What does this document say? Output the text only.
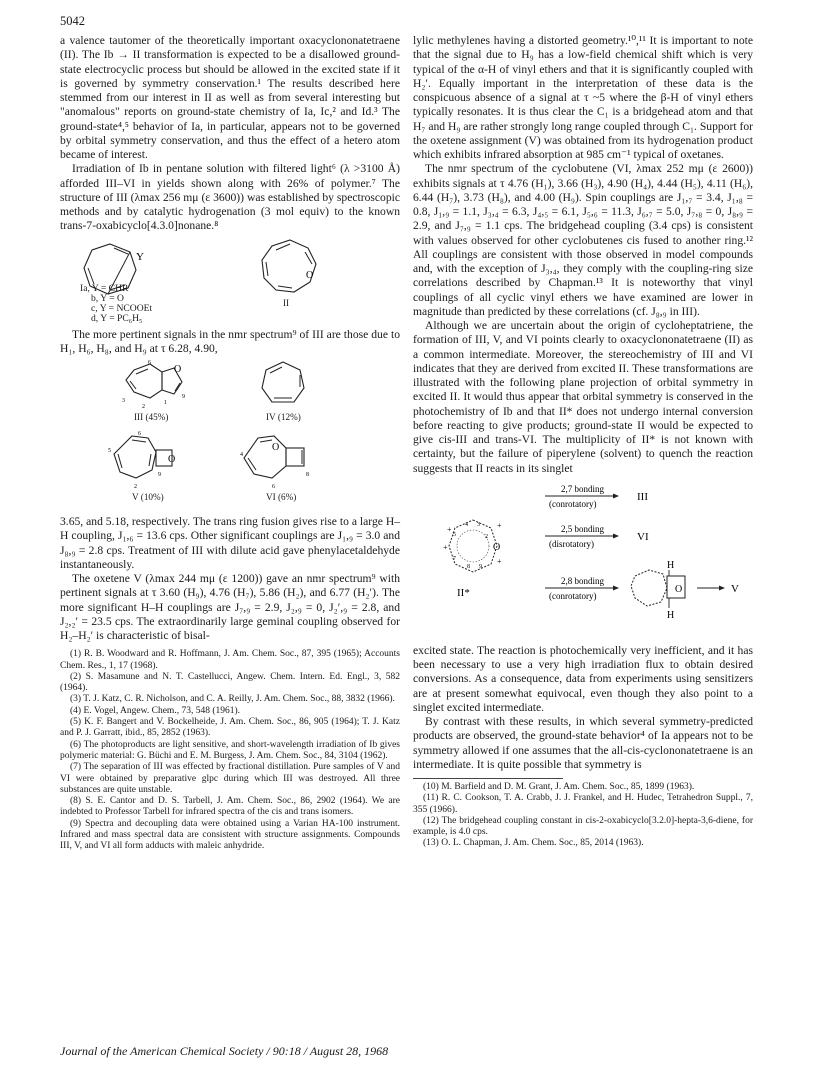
5042

a valence tautomer of the theoretically important oxacyclononatetraene (II). The Ib → II transformation is expected to be a disallowed ground-state electrocyclic process but should be allowed in the excited state if it is governed by symmetry conservation.¹ The results described here stemmed from our interest in II as well as from several interesting but "anomalous" reports on ground-state chemistry of Ia, Ic,² and Id.³ The ground-state⁴,⁵ behavior of Ia, in particular, appears not to be governed by orbital symmetry conservation, and thus the effect of a hetero atom became of interest.

Irradiation of Ib in pentane solution with filtered light⁶ (λ >3100 Å) afforded III–VI in yields shown along with 26% of polymer.⁷ The structure of III (λmax 256 mμ (ε 3600)) was established by spectroscopic methods and by catalytic hydrogenation (3 mol equiv) to the known trans-7-oxabicyclo[4.3.0]nonane.⁸

Y
Ia, Y = CHR
b, Y = O
c, Y = NCOOEt
d, Y = PC₆H₅
O
II

The more pertinent signals in the nmr spectrum⁹ of III are those due to H₁, H₆, H₈, and H₉ at τ 6.28, 4.90,

O
6
1
9
3
2
III (45%)	IV (12%)
O
6
9
2
5
V (10%)
O
4
8
6
VI (6%)

3.65, and 5.18, respectively. The trans ring fusion gives rise to a large H–H coupling, J₁,₆ = 13.6 cps. Other significant couplings are J₁,₉ = 3.0 and J₈,₉ = 2.8 cps. Treatment of III with dilute acid gave phenylacetaldehyde instantaneously.

The oxetene V (λmax 244 mμ (ε 1200)) gave an nmr spectrum⁹ with pertinent signals at τ 3.60 (H₉), 4.76 (H₇), 5.86 (H₂), and 6.77 (H₂′). The more significant H–H couplings are J₇,₉ = 2.9, J₂,₉ = 0, J₂′,₉ = 2.8, and J₂,₂′ = 23.5 cps. The extraordinarily large geminal coupling observed for H₂–H₂′ is characteristic of bisal-

(1) R. B. Woodward and R. Hoffmann, J. Am. Chem. Soc., 87, 395 (1965); Accounts Chem. Res., 1, 17 (1968).

(2) S. Masamune and N. T. Castellucci, Angew. Chem. Intern. Ed. Engl., 3, 582 (1964).

(3) T. J. Katz, C. R. Nicholson, and C. A. Reilly, J. Am. Chem. Soc., 88, 3832 (1966).

(4) E. Vogel, Angew. Chem., 73, 548 (1961).

(5) K. F. Bangert and V. Bockelheide, J. Am. Chem. Soc., 86, 905 (1964); T. J. Katz and P. J. Garratt, ibid., 85, 2852 (1963).

(6) The photoproducts are light sensitive, and short-wavelength irradiation of Ib gives polymeric material: G. Büchi and E. M. Burgess, J. Am. Chem. Soc., 84, 3104 (1962).

(7) The separation of III was effected by fractional distillation. Pure samples of V and VI were obtained by preparative glpc during which III was destroyed. All three substances are quite unstable.

(8) S. E. Cantor and D. S. Tarbell, J. Am. Chem. Soc., 86, 2902 (1964). We are indebted to Professor Tarbell for infrared spectra of the cis and trans isomers.

(9) Spectra and decoupling data were obtained using a Varian HA-100 instrument. Infrared and mass spectral data are consistent with structure assignments. Compounds III, V, and VI all form adducts with maleic anhydride.

lylic methylenes having a distorted geometry.¹⁰,¹¹ It is important to note that the signal due to H₉ has a low-field chemical shift which is very typical of the α-H of vinyl ethers and that it is significantly coupled with H₂′. Equally important in the interpretation of these data is the conspicuous absence of a signal at τ ~5 where the β-H of vinyl ethers typically resonates. It is thus clear the C₁ is a bridgehead atom and that H₇ and H₉ are rather strongly long range coupled through C₁. Support for the oxetene assignment (V) was obtained from its hydrogenation product which exhibits infrared absorption at 985 cm⁻¹ typical of oxetanes.

The nmr spectrum of the cyclobutene (VI, λmax 252 mμ (ε 2600)) exhibits signals at τ 4.76 (H₁), 3.66 (H₃), 4.90 (H₄), 4.44 (H₅), 4.11 (H₆), 6.44 (H₇), 3.73 (H₈), and 4.00 (H₉). Spin couplings are J₁,₇ = 3.4, J₁,₈ = 0.8, J₁,₉ = 1.1, J₃,₄ = 6.3, J₄,₅ = 6.1, J₅,₆ = 11.3, J₆,₇ = 5.0, J₇,₈ = 0, J₈,₉ = 2.9, and J₇,₉ = 1.1 cps. The bridgehead coupling (3.4 cps) is consistent with values observed for other cyclobutenes cis fused to another ring.¹² All couplings are consistent with those observed in model compounds and, with the exception of J₃,₄, they comply with the coupling-ring size correlations described by Chapman.¹³ It is noteworthy that vinyl couplings of all cyclic vinyl ethers we have examined are lower in magnitude than predicted by these correlations (cf. J₈,₉ in III).

Although we are uncertain about the origin of cycloheptatriene, the formation of III, V, and VI points clearly to oxacyclononatetraene (II) as a common intermediate. Moreover, the stereochemistry of III and VI indicates that they are derived from excited II. These transformations are illustrated with the following plane projection of orbital symmetry in excited II. It would thus appear that orbital symmetry is conserved in the photochemistry of Ib and that II* does not undergo internal conversion before reacting to give products; ground-state II would be expected to give cis-III and trans-VI. The multiplicity of II* is not known with certainty, but the failure of piperylene (solvent) to quench the reaction suggests that II reacts in its singlet

O
4 3
5	2
7
8 9
+
+
+
+
II*
2,7 bonding
(conrotatory)
III
2,5 bonding
(disrotatory)
VI
2,8 bonding
(conrotatory)
O
H
H
V

excited state. The reaction is photochemically very inefficient, and it has been necessary to use a very high irradiation flux to obtain desired conversions. As a consequence, data from experiments using sensitizers are at present somewhat equivocal, even though they also point to a singlet excited intermediate.

By contrast with these results, in which several symmetry-predicted products are observed, the ground-state behavior⁴ of Ia appears not to be symmetry allowed if one assumes that the all-cis-cyclononatetraene is an intermediate. It is quite possible that symmetry is

(10) M. Barfield and D. M. Grant, J. Am. Chem. Soc., 85, 1899 (1963).

(11) R. C. Cookson, T. A. Crabb, J. J. Frankel, and H. Hudec, Tetrahedron Suppl., 7, 355 (1966).

(12) The bridgehead coupling constant in cis-2-oxabicyclo[3.2.0]-hepta-3,6-diene, for example, is 4.0 cps.

(13) O. L. Chapman, J. Am. Chem. Soc., 85, 2014 (1963).

Journal of the American Chemical Society / 90:18 / August 28, 1968
